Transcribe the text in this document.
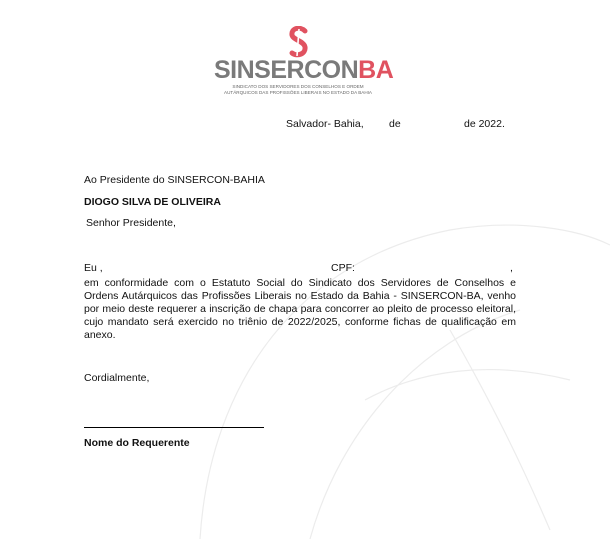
SINSERCONBA
SINDICATO DOS SERVIDORES DOS CONSELHOS E ORDEM
AUTÁRQUICOS DAS PROFISSÕES LIBERAIS NO ESTADO DA BAHIA
Salvador- Bahia, de	de 2022.
Ao Presidente do SINSERCON-BAHIA
DIOGO SILVA DE OLIVEIRA
Senhor Presidente,
Eu ,	CPF:	,
em conformidade com o Estatuto Social do Sindicato dos Servidores de Conselhos e Ordens Autárquicos das Profissões Liberais no Estado da Bahia - SINSERCON-BA, venho por meio deste requerer a inscrição de chapa para concorrer ao pleito de processo eleitoral, cujo mandato será exercido no triênio de 2022/2025, conforme fichas de qualificação em anexo.
Cordialmente,
Nome do Requerente
